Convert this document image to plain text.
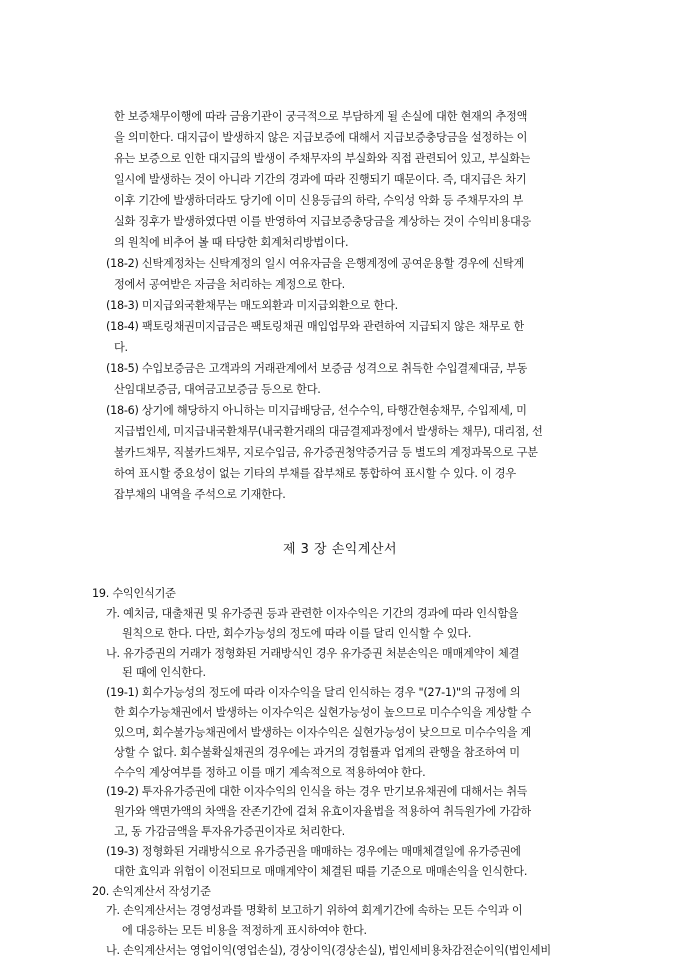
한 보증채무이행에 따라 금융기관이 궁극적으로 부담하게 될 손실에 대한 현재의 추정액
을 의미한다. 대지급이 발생하지 않은 지급보증에 대해서 지급보증충당금을 설정하는 이
유는 보증으로 인한 대지급의 발생이 주채무자의 부실화와 직접 관련되어 있고, 부실화는
일시에 발생하는 것이 아니라 기간의 경과에 따라 진행되기 때문이다. 즉, 대지급은 차기
이후 기간에 발생하더라도 당기에 이미 신용등급의 하락, 수익성 악화 등 주채무자의 부
실화 징후가 발생하였다면 이를 반영하여 지급보증충당금을 계상하는 것이 수익비용대응
의 원칙에 비추어 볼 때 타당한 회계처리방법이다.
(18-2) 신탁계정차는 신탁계정의 일시 여유자금을 은행계정에 공여운용할 경우에 신탁계
정에서 공여받은 자금을 처리하는 계정으로 한다.
(18-3) 미지급외국환채무는 매도외환과 미지급외환으로 한다.
(18-4) 팩토링채권미지급금은 팩토링채권 매입업무와 관련하여 지급되지 않은 채무로 한
다.
(18-5) 수입보증금은 고객과의 거래관계에서 보증금 성격으로 취득한 수입결제대금, 부동
산임대보증금, 대여금고보증금 등으로 한다.
(18-6) 상기에 해당하지 아니하는 미지급배당금, 선수수익, 타행간현송채무, 수입제세, 미
지급법인세, 미지급내국환채무(내국환거래의 대금결제과정에서 발생하는 채무), 대리점, 선
불카드채무, 직불카드채무, 지로수입금, 유가증권청약증거금 등 별도의 계정과목으로 구분
하여 표시할 중요성이 없는 기타의 부채를 잡부채로 통합하여 표시할 수 있다. 이 경우
잡부채의 내역을 주석으로 기재한다.
제 3 장 손익계산서
19. 수익인식기준
가. 예치금, 대출채권 및 유가증권 등과 관련한 이자수익은 기간의 경과에 따라 인식함을
원칙으로 한다. 다만, 회수가능성의 정도에 따라 이를 달리 인식할 수 있다.
나. 유가증권의 거래가 정형화된 거래방식인 경우 유가증권 처분손익은 매매계약이 체결
된 때에 인식한다.
(19-1) 회수가능성의 정도에 따라 이자수익을 달리 인식하는 경우 "(27-1)"의 규정에 의
한 회수가능채권에서 발생하는 이자수익은 실현가능성이 높으므로 미수수익을 계상할 수
있으며, 회수불가능채권에서 발생하는 이자수익은 실현가능성이 낮으므로 미수수익을 계
상할 수 없다. 회수불확실채권의 경우에는 과거의 경험률과 업계의 관행을 참조하여 미
수수익 계상여부를 정하고 이를 매기 계속적으로 적용하여야 한다.
(19-2) 투자유가증권에 대한 이자수익의 인식을 하는 경우 만기보유채권에 대해서는 취득
원가와 액면가액의 차액을 잔존기간에 걸쳐 유효이자율법을 적용하여 취득원가에 가감하
고, 동 가감금액을 투자유가증권이자로 처리한다.
(19-3) 정형화된 거래방식으로 유가증권을 매매하는 경우에는 매매체결일에 유가증권에
대한 효익과 위험이 이전되므로 매매계약이 체결된 때를 기준으로 매매손익을 인식한다.
20. 손익계산서 작성기준
가. 손익계산서는 경영성과를 명확히 보고하기 위하여 회계기간에 속하는 모든 수익과 이
에 대응하는 모든 비용을 적정하게 표시하여야 한다.
나. 손익계산서는 영업이익(영업손실), 경상이익(경상손실), 법인세비용차감전순이익(법인세비
